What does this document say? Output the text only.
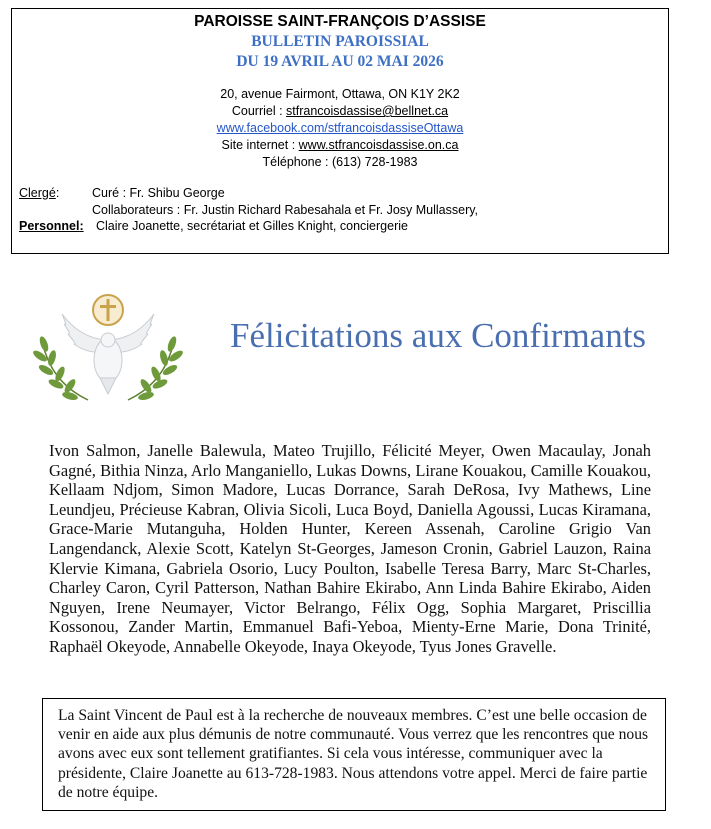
PAROISSE SAINT-FRANÇOIS D’ASSISE
BULLETIN PAROISSIAL
DU 19 AVRIL AU 02 MAI 2026
20, avenue Fairmont, Ottawa, ON K1Y 2K2
Courriel : stfrancoisdassise@bellnet.ca
www.facebook.com/stfrancoisdassiseOttawa
Site internet : www.stfrancoisdassise.on.ca
Téléphone : (613) 728-1983
Clergé:	Curé : Fr. Shibu George
Collaborateurs : Fr. Justin Richard Rabesahala et Fr. Josy Mullassery,
Personnel: Claire Joanette, secrétariat et Gilles Knight, conciergerie
Félicitations aux Confirmants
Ivon Salmon, Janelle Balewula, Mateo Trujillo, Félicité Meyer, Owen Macaulay, Jonah Gagné, Bithia Ninza, Arlo Manganiello, Lukas Downs, Lirane Kouakou, Camille Kouakou, Kellaam Ndjom, Simon Madore, Lucas Dorrance, Sarah DeRosa, Ivy Mathews, Line Leundjeu, Précieuse Kabran, Olivia Sicoli, Luca Boyd, Daniella Agoussi, Lucas Kiramana, Grace-Marie Mutanguha, Holden Hunter, Kereen Assenah, Caroline Grigio Van Langendanck, Alexie Scott, Katelyn St-Georges, Jameson Cronin, Gabriel Lauzon, Raina Klervie Kimana, Gabriela Osorio, Lucy Poulton, Isabelle Teresa Barry, Marc St-Charles, Charley Caron, Cyril Patterson, Nathan Bahire Ekirabo, Ann Linda Bahire Ekirabo, Aiden Nguyen, Irene Neumayer, Victor Belrango, Félix Ogg, Sophia Margaret, Priscillia Kossonou, Zander Martin, Emmanuel Bafi-Yeboa, Mienty-Erne Marie, Dona Trinité, Raphaël Okeyode, Annabelle Okeyode, Inaya Okeyode, Tyus Jones Gravelle.
La Saint Vincent de Paul est à la recherche de nouveaux membres. C’est une belle occasion de venir en aide aux plus démunis de notre communauté. Vous verrez que les rencontres que nous avons avec eux sont tellement gratifiantes. Si cela vous intéresse, communiquer avec la présidente, Claire Joanette au 613-728-1983. Nous attendons votre appel. Merci de faire partie de notre équipe.
